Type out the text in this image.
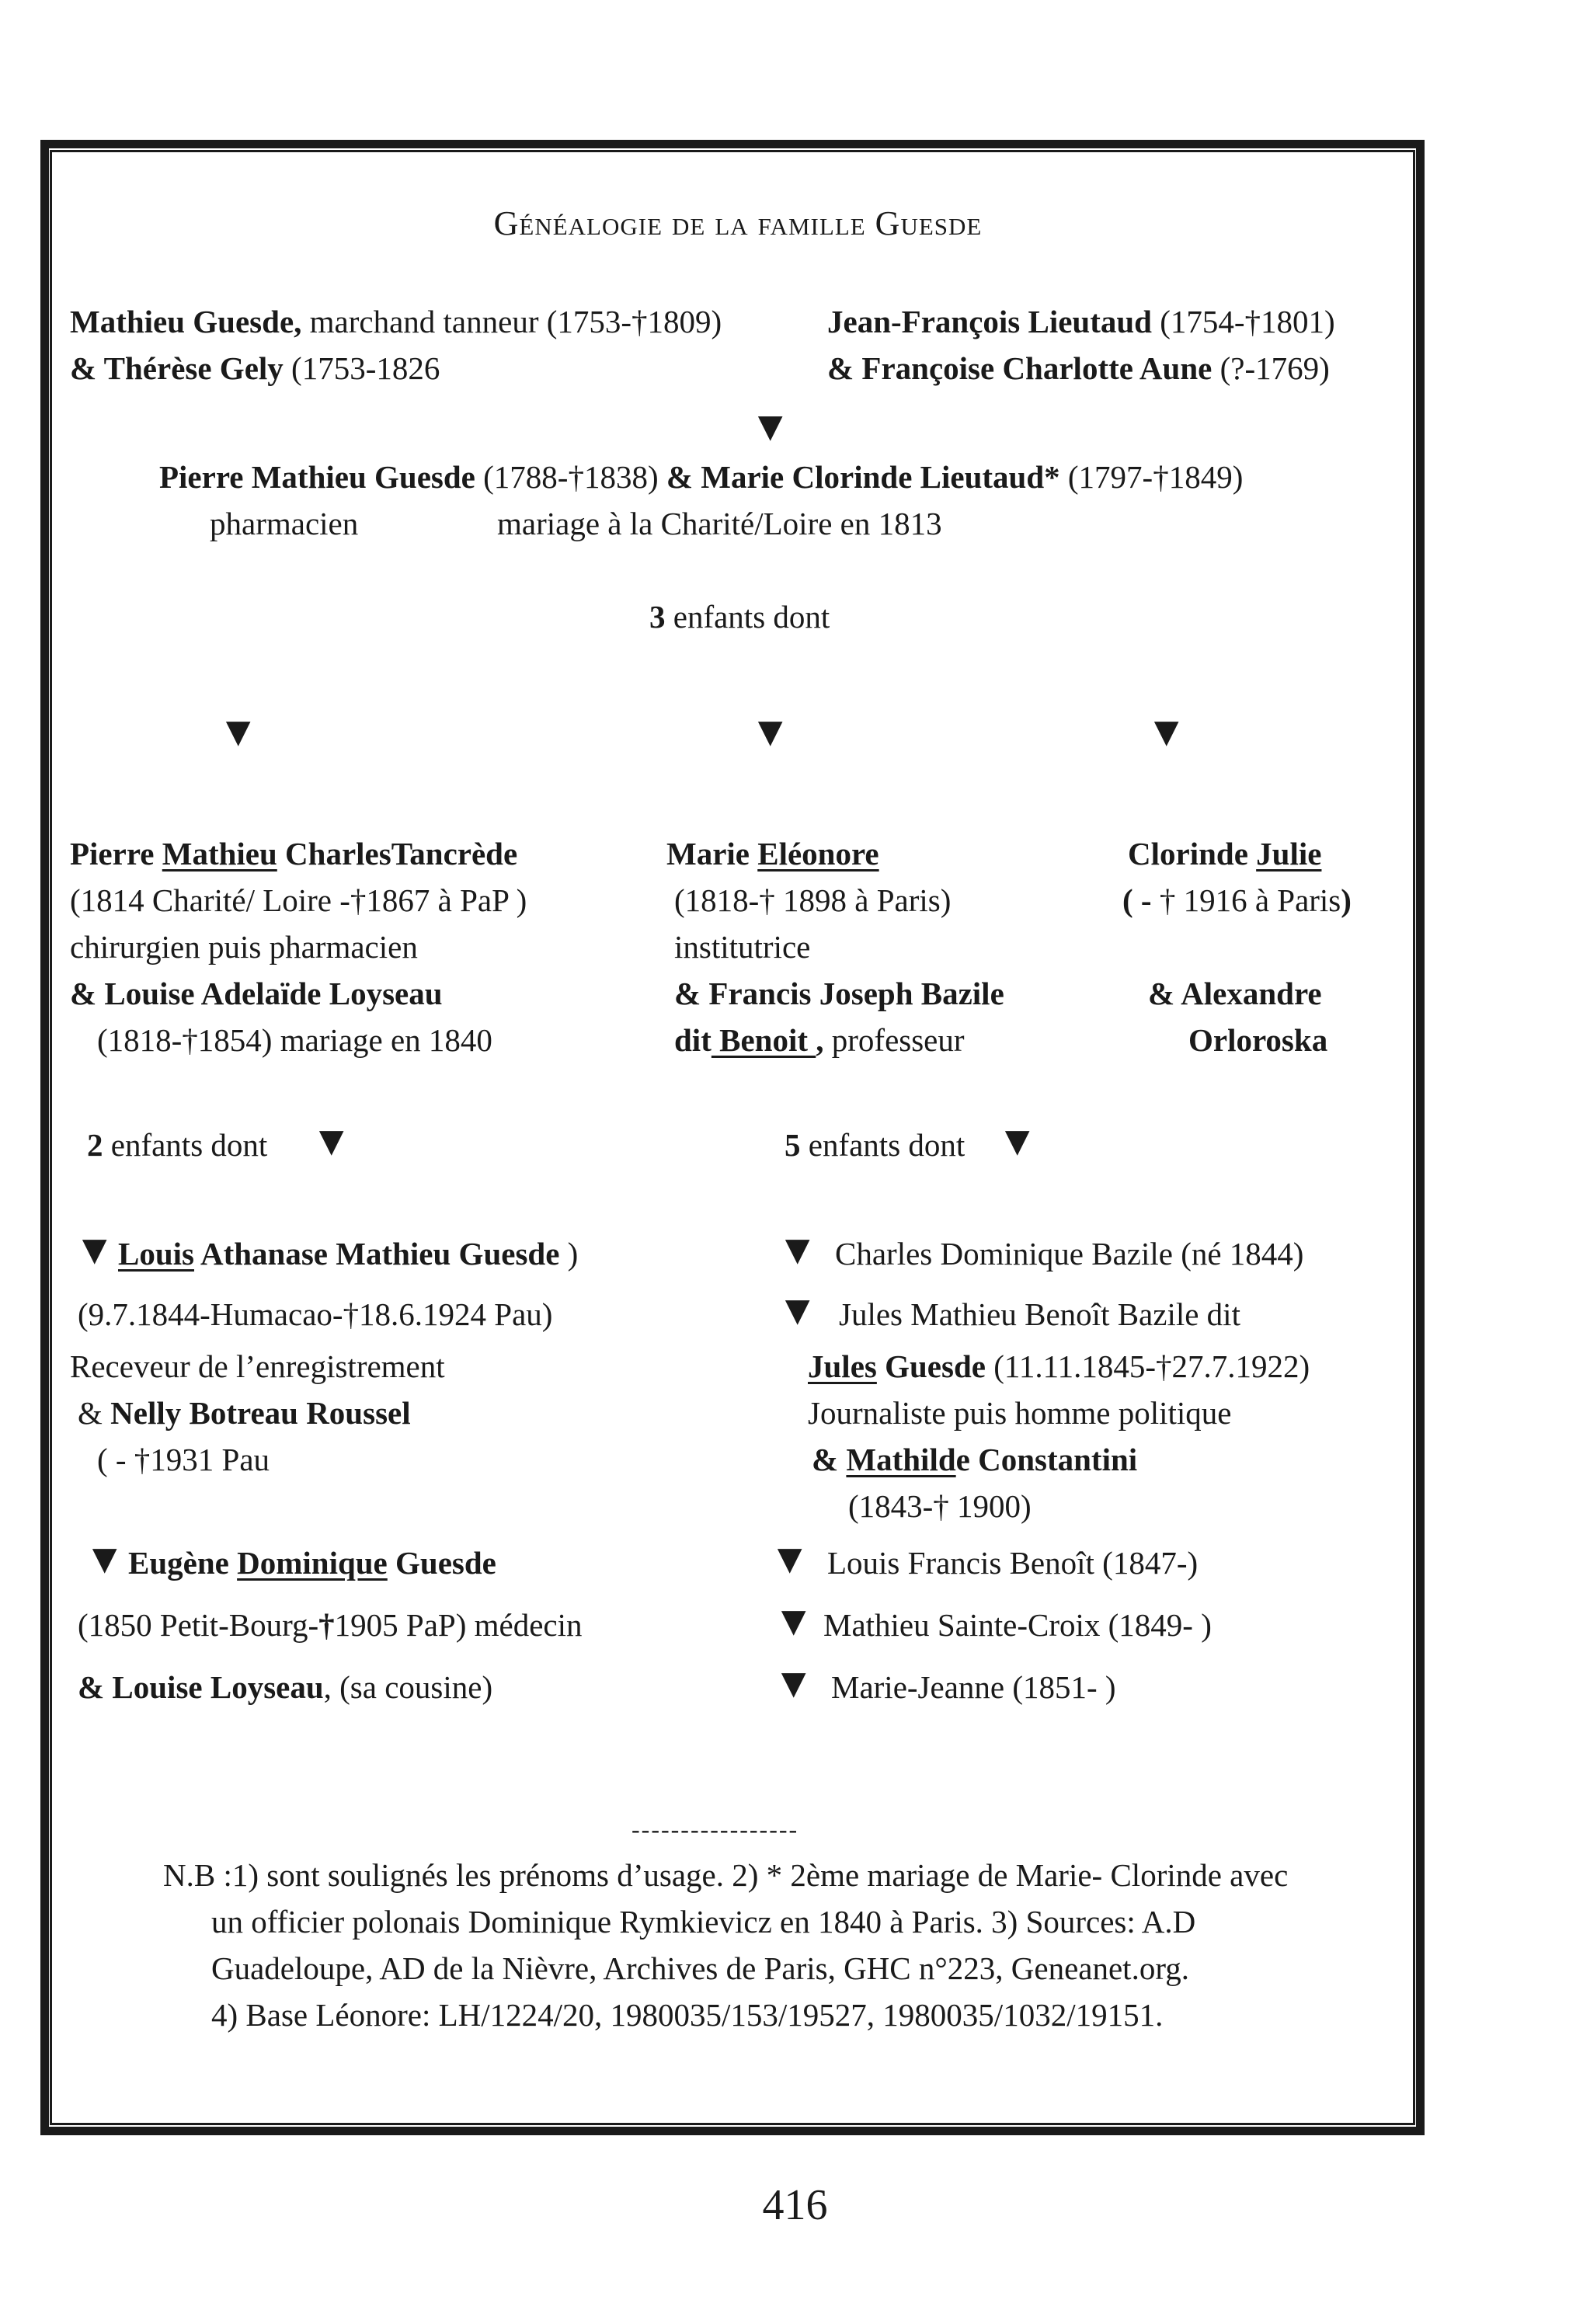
Généalogie de la famille Guesde
Mathieu Guesde, marchand tanneur (1753-†1809)
& Thérèse Gely (1753-1826
Jean-François Lieutaud (1754-†1801)
& Françoise Charlotte Aune (?-1769)
▼
Pierre Mathieu Guesde (1788-†1838) & Marie Clorinde Lieutaud* (1797-†1849)
pharmacien	mariage à la Charité/Loire en 1813
3 enfants dont
▼	▼	▼
Pierre Mathieu CharlesTancrède
(1814 Charité/ Loire -†1867 à PaP )
chirurgien puis pharmacien
& Louise Adelaïde Loyseau
(1818-†1854) mariage en 1840
Marie Eléonore
(1818-† 1898 à Paris)
institutrice
& Francis Joseph Bazile
dit Benoit , professeur
Clorinde Julie
( - † 1916 à Paris)
& Alexandre
Orloroska
2 enfants dont ▼	5 enfants dont ▼
▼ Louis Athanase Mathieu Guesde )
(9.7.1844-Humacao-†18.6.1924 Pau)
Receveur de l’enregistrement
& Nelly Botreau Roussel
( - †1931 Pau
▼ Eugène Dominique Guesde
(1850 Petit-Bourg-†1905 PaP) médecin
& Louise Loyseau, (sa cousine)
▼ Charles Dominique Bazile (né 1844)
▼ Jules Mathieu Benoît Bazile dit
Jules Guesde (11.11.1845-†27.7.1922)
Journaliste puis homme politique
& Mathilde Constantini
(1843-† 1900)
▼ Louis Francis Benoît (1847-)
▼ Mathieu Sainte-Croix (1849- )
▼ Marie-Jeanne (1851- )
-----------------
N.B :1) sont soulignés les prénoms d’usage. 2) * 2ème mariage de Marie- Clorinde avec
un officier polonais Dominique Rymkievicz en 1840 à Paris. 3) Sources: A.D
Guadeloupe, AD de la Nièvre, Archives de Paris, GHC n°223, Geneanet.org.
4) Base Léonore: LH/1224/20, 1980035/153/19527, 1980035/1032/19151.
416
